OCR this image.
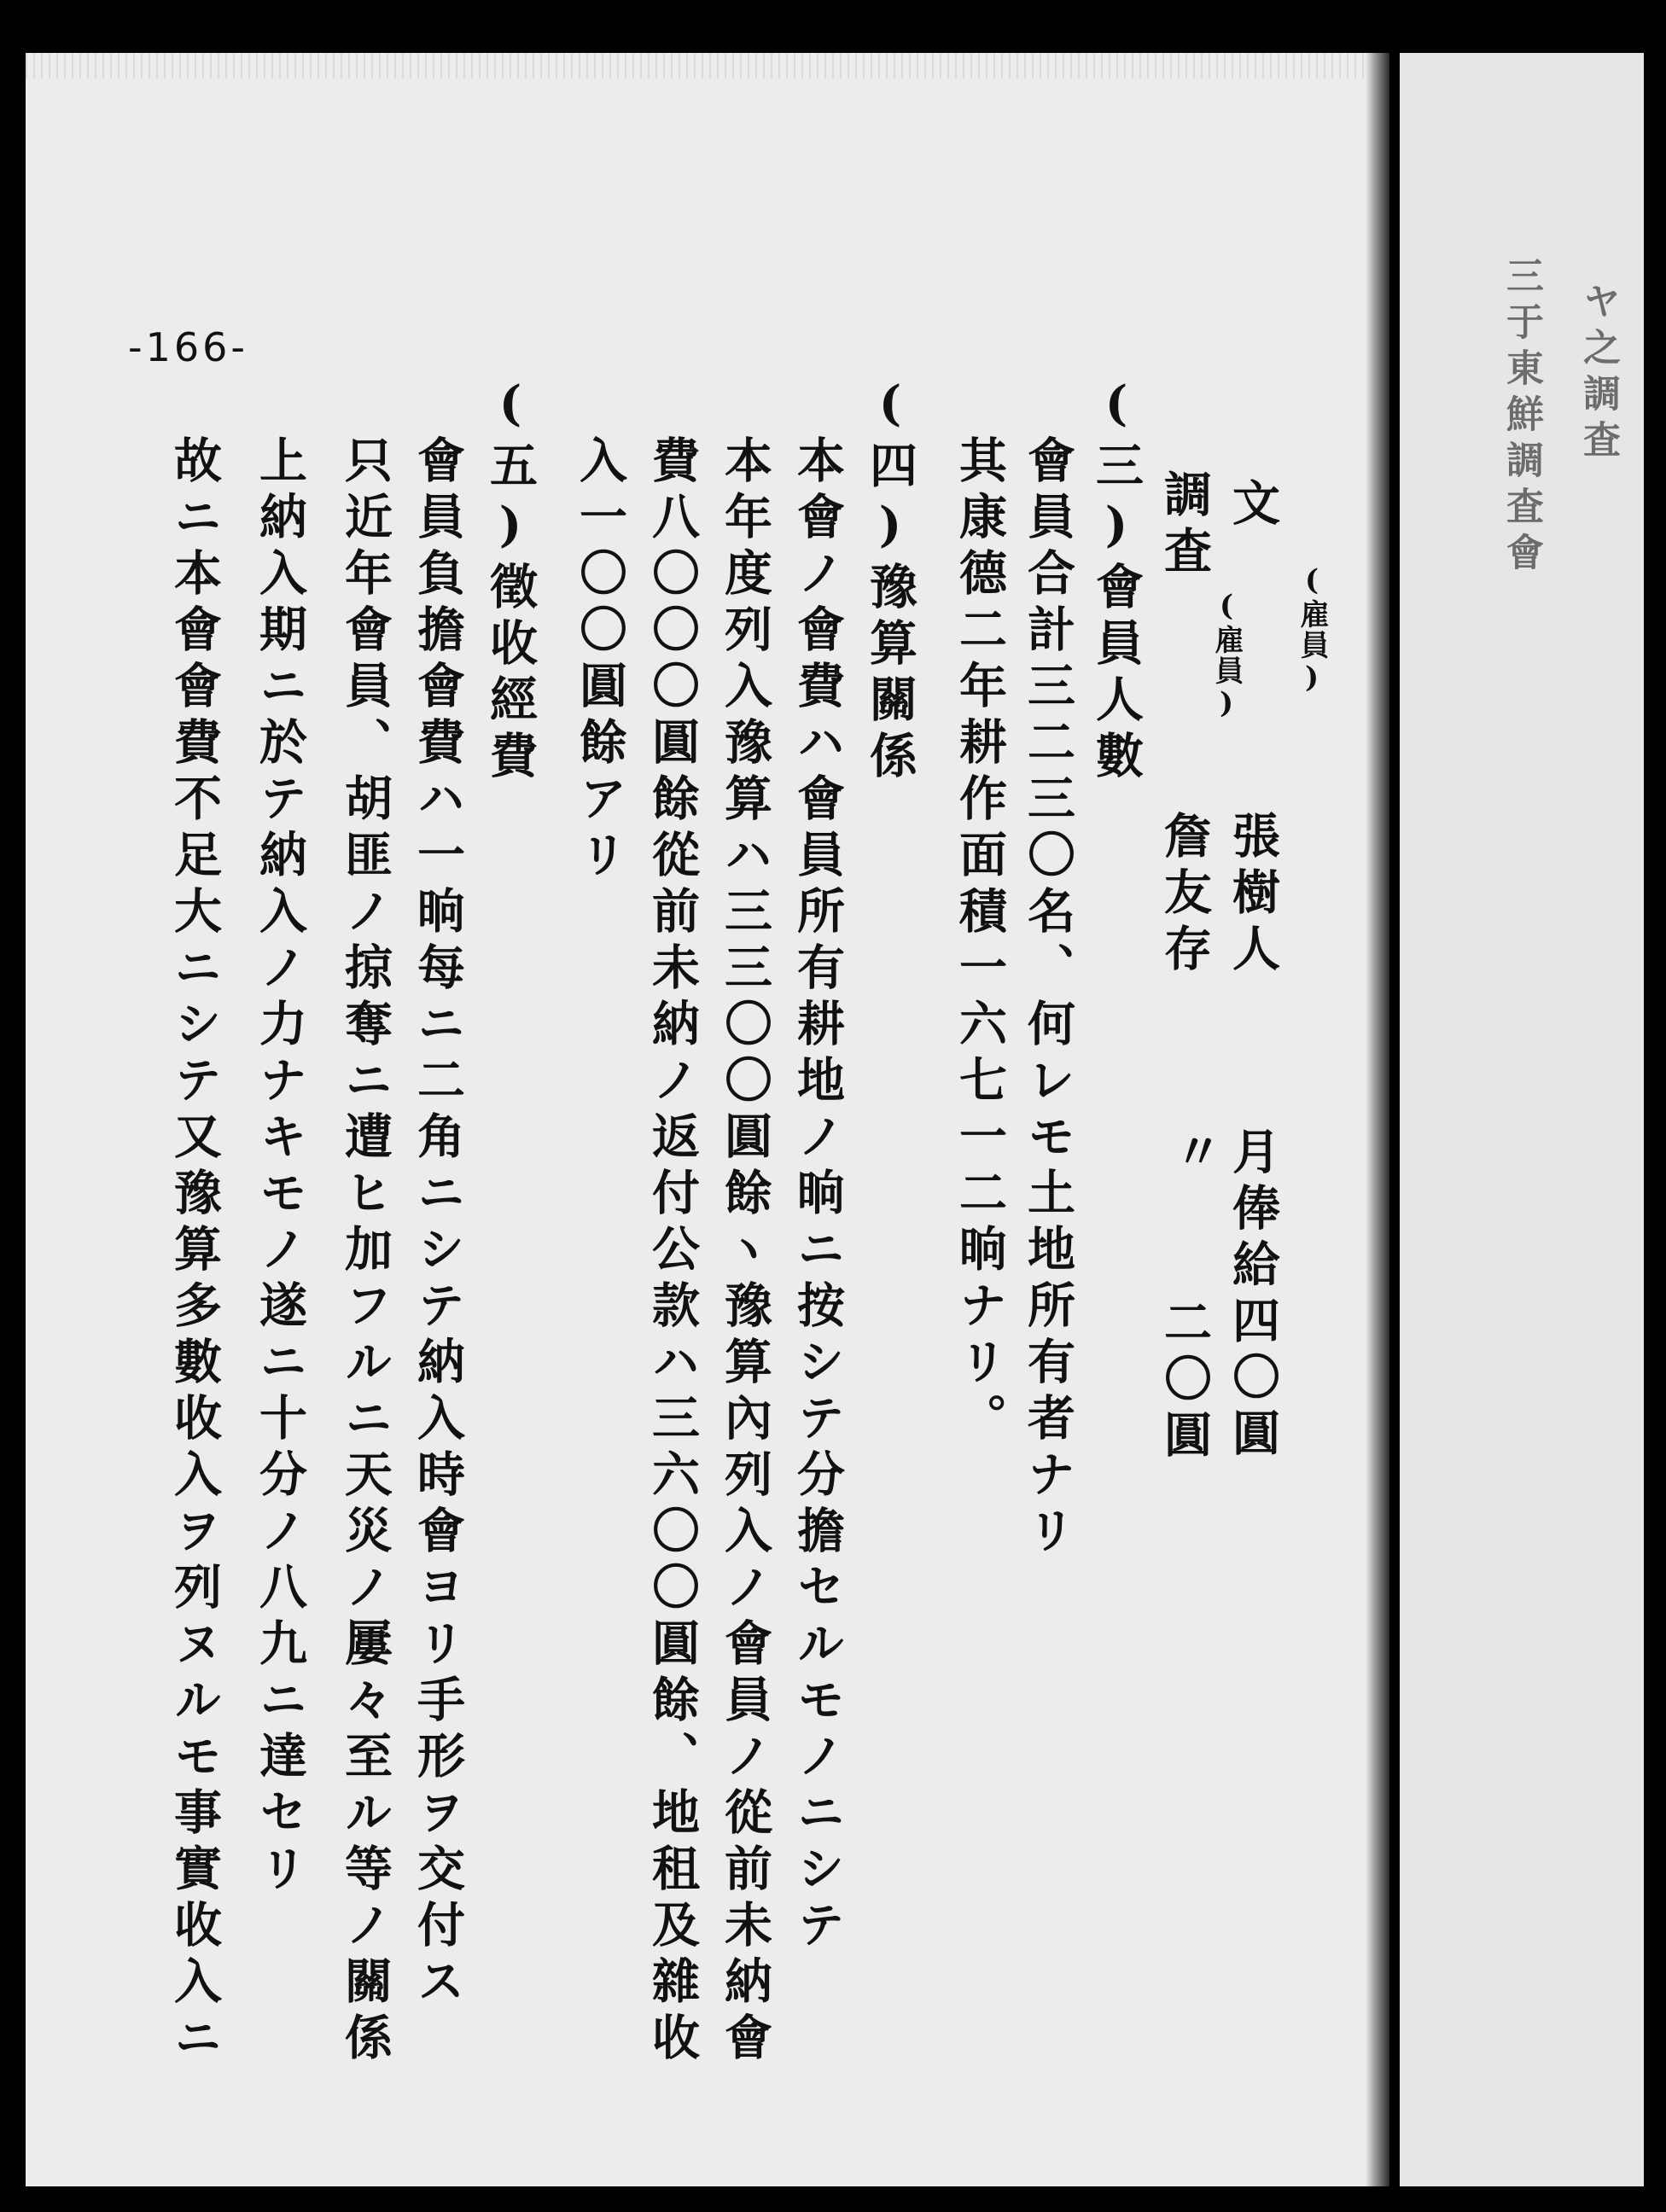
-166-
文
(雇員)
張樹人
月俸給四〇圓
調査
(雇員)
詹友存
〃
二〇圓
(三)會員人數
會員合計三二三〇名、何レモ土地所有者ナリ
其康德二年耕作面積一六七一二晌ナリ。
(四)豫算關係
本會ノ會費ハ會員所有耕地ノ晌ニ按シテ分擔セルモノニシテ
本年度列入豫算ハ三三〇〇圓餘ヽ豫算內列入ノ會員ノ從前未納會
費八〇〇〇圓餘從前未納ノ返付公款ハ三六〇〇圓餘、地租及雜收
入一〇〇圓餘アリ
(五)徵收經費
會員負擔會費ハ一晌每ニ二角ニシテ納入時會ヨリ手形ヲ交付ス
只近年會員、胡匪ノ掠奪ニ遭ヒ加フルニ天災ノ屢々至ル等ノ關係
上納入期ニ於テ納入ノ力ナキモノ遂ニ十分ノ八九ニ達セリ
故ニ本會會費不足大ニシテ又豫算多數收入ヲ列ヌルモ事實收入ニ
ヤ之調査
三于東鮮調査會
